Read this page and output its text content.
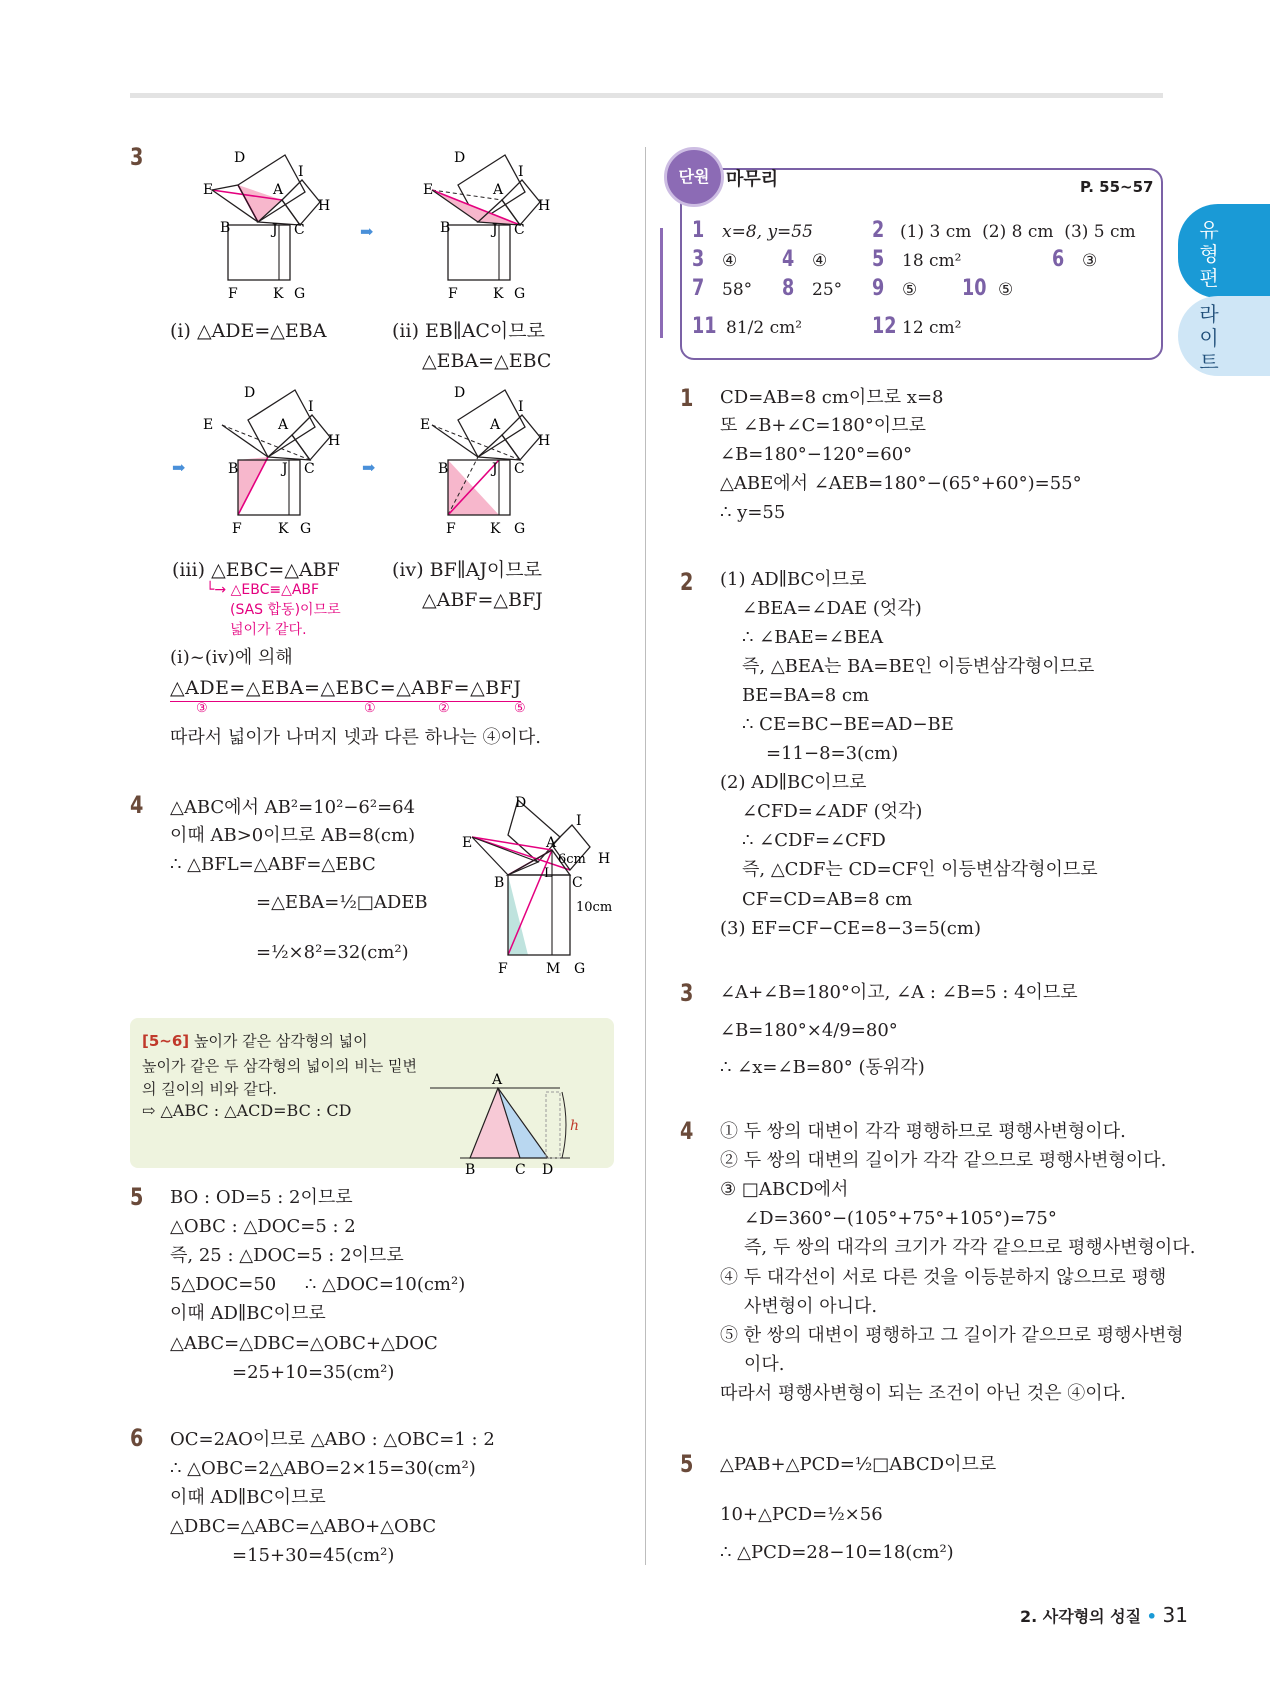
3	D
E	A
I
H
B	J C
F	K G
➡
D
E	A
I
H
B	J C
F	K G
(ⅰ) △ADE=△EBA	(ⅱ) EB∥AC이므로
△EBA=△EBC
➡
D
E	A
I
H
B	J C
F	K G
➡
D
E	A
I
H
B	J C
F K G
(ⅲ) △EBC=△ABF
└→ △EBC≡△ABF
(SAS 합동)이므로
넓이가 같다.
(ⅳ) BF∥AJ이므로
△ABF=△BFJ
(ⅰ)~(ⅳ)에 의해
△ADE=△EBA=△EBC=△ABF=△BFJ
③	①	②	⑤
따라서 넓이가 나머지 넷과 다른 하나는 ④이다.
4 △ABC에서 AB²=10²−6²=64
이때 AB>0이므로 AB=8(cm)
∴ △BFL=△ABF=△EBC
=△EBA=½□ADEB
=½×8²=32(cm²)
D
E	A
I
H
B
L
C
F	M G
6cm
10cm
[5~6] 높이가 같은 삼각형의 넓이
높이가 같은 두 삼각형의 넓이의 비는 밑변
의 길이의 비와 같다.
⇨ △ABC : △ACD=BC : CD
A
B	C D
h
5 BO : OD=5 : 2이므로
△OBC : △DOC=5 : 2
즉, 25 : △DOC=5 : 2이므로
5△DOC=50     ∴ △DOC=10(cm²)
이때 AD∥BC이므로
△ABC=△DBC=△OBC+△DOC
=25+10=35(cm²)
6 OC=2AO이므로 △ABO : △OBC=1 : 2
∴ △OBC=2△ABO=2×15=30(cm²)
이때 AD∥BC이므로
△DBC=△ABC=△ABO+△OBC
=15+30=45(cm²)
단원 마무리	P. 55~57
1 x=8, y=55	2 (1) 3 cm  (2) 8 cm  (3) 5 cm
3 ④ 4 ④ 5 18 cm²	6 ③
7 58° 8 25° 9 ⑤ 10 ⑤
11 81/2 cm²	12 12 cm²
1 CD=AB=8 cm이므로 x=8
또 ∠B+∠C=180°이므로
∠B=180°−120°=60°
△ABE에서 ∠AEB=180°−(65°+60°)=55°
∴ y=55
2 (1) AD∥BC이므로
∠BEA=∠DAE (엇각)
∴ ∠BAE=∠BEA
즉, △BEA는 BA=BE인 이등변삼각형이므로
BE=BA=8 cm
∴ CE=BC−BE=AD−BE
=11−8=3(cm)
(2) AD∥BC이므로
∠CFD=∠ADF (엇각)
∴ ∠CDF=∠CFD
즉, △CDF는 CD=CF인 이등변삼각형이므로
CF=CD=AB=8 cm
(3) EF=CF−CE=8−3=5(cm)
3 ∠A+∠B=180°이고, ∠A : ∠B=5 : 4이므로
∠B=180°×4/9=80°
∴ ∠x=∠B=80° (동위각)
4 ① 두 쌍의 대변이 각각 평행하므로 평행사변형이다.
② 두 쌍의 대변의 길이가 각각 같으므로 평행사변형이다.
③ □ABCD에서
∠D=360°−(105°+75°+105°)=75°
즉, 두 쌍의 대각의 크기가 각각 같으므로 평행사변형이다.
④ 두 대각선이 서로 다른 것을 이등분하지 않으므로 평행
사변형이 아니다.
⑤ 한 쌍의 대변이 평행하고 그 길이가 같으므로 평행사변형
이다.
따라서 평행사변형이 되는 조건이 아닌 것은 ④이다.
5 △PAB+△PCD=½□ABCD이므로
10+△PCD=½×56
∴ △PCD=28−10=18(cm²)
유
형
편
라
이
트
2. 사각형의 성질 • 31
